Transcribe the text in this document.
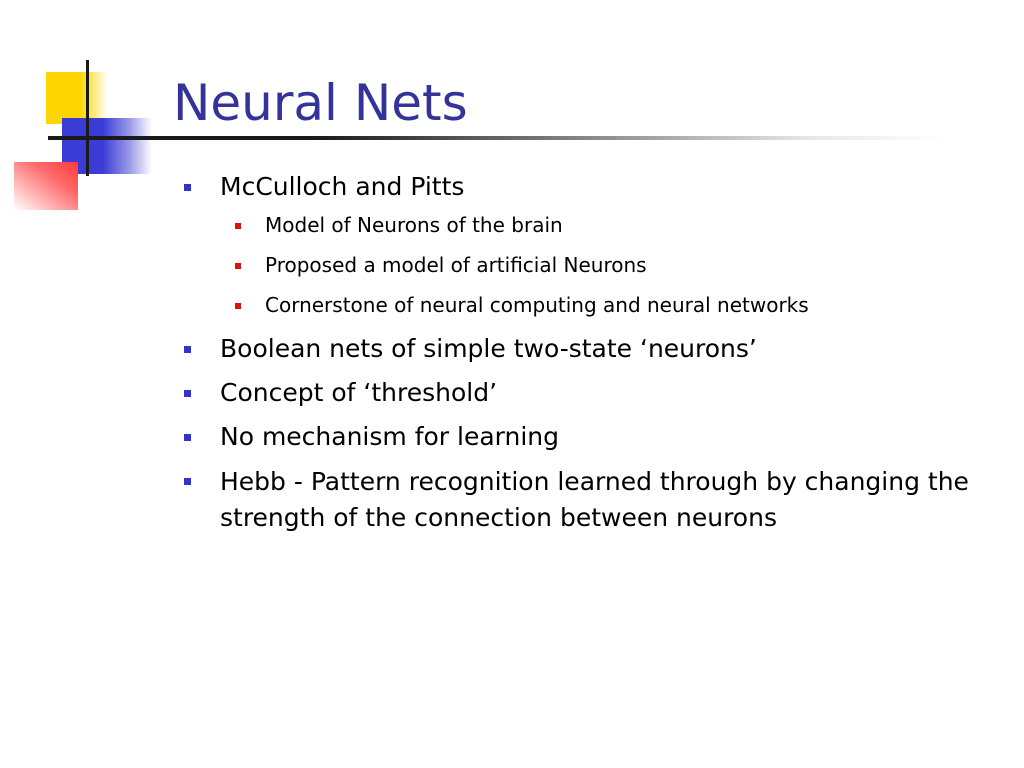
Neural Nets
McCulloch and Pitts
Model of Neurons of the brain
Proposed a model of artificial Neurons
Cornerstone of neural computing and neural networks
Boolean nets of simple two-state ‘neurons’
Concept of ‘threshold’
No mechanism for learning
Hebb - Pattern recognition learned through by changing the strength of the connection between neurons
